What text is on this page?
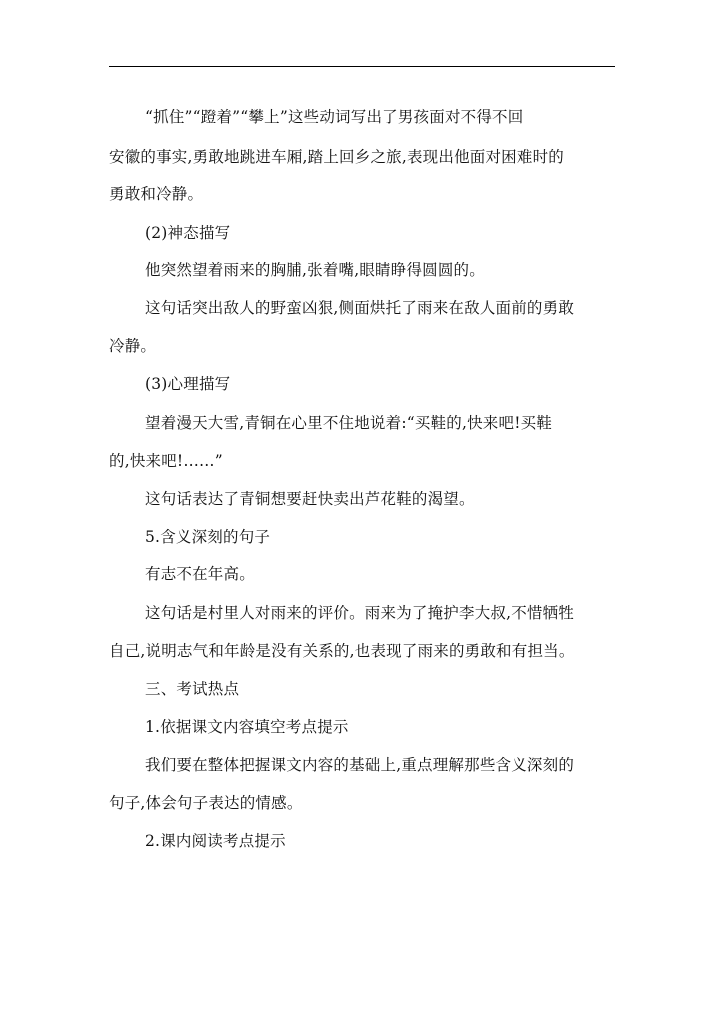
“抓住”“蹬着”“攀上”这些动词写出了男孩面对不得不回
安徽的事实,勇敢地跳进车厢,踏上回乡之旅,表现出他面对困难时的
勇敢和冷静。
(2)神态描写
他突然望着雨来的胸脯,张着嘴,眼睛睁得圆圆的。
这句话突出敌人的野蛮凶狠,侧面烘托了雨来在敌人面前的勇敢
冷静。
(3)心理描写
望着漫天大雪,青铜在心里不住地说着:“买鞋的,快来吧!买鞋
的,快来吧!……”
这句话表达了青铜想要赶快卖出芦花鞋的渴望。
5.含义深刻的句子
有志不在年高。
这句话是村里人对雨来的评价。雨来为了掩护李大叔,不惜牺牲
自己,说明志气和年龄是没有关系的,也表现了雨来的勇敢和有担当。
三、考试热点
1.依据课文内容填空考点提示
我们要在整体把握课文内容的基础上,重点理解那些含义深刻的
句子,体会句子表达的情感。
2.课内阅读考点提示
